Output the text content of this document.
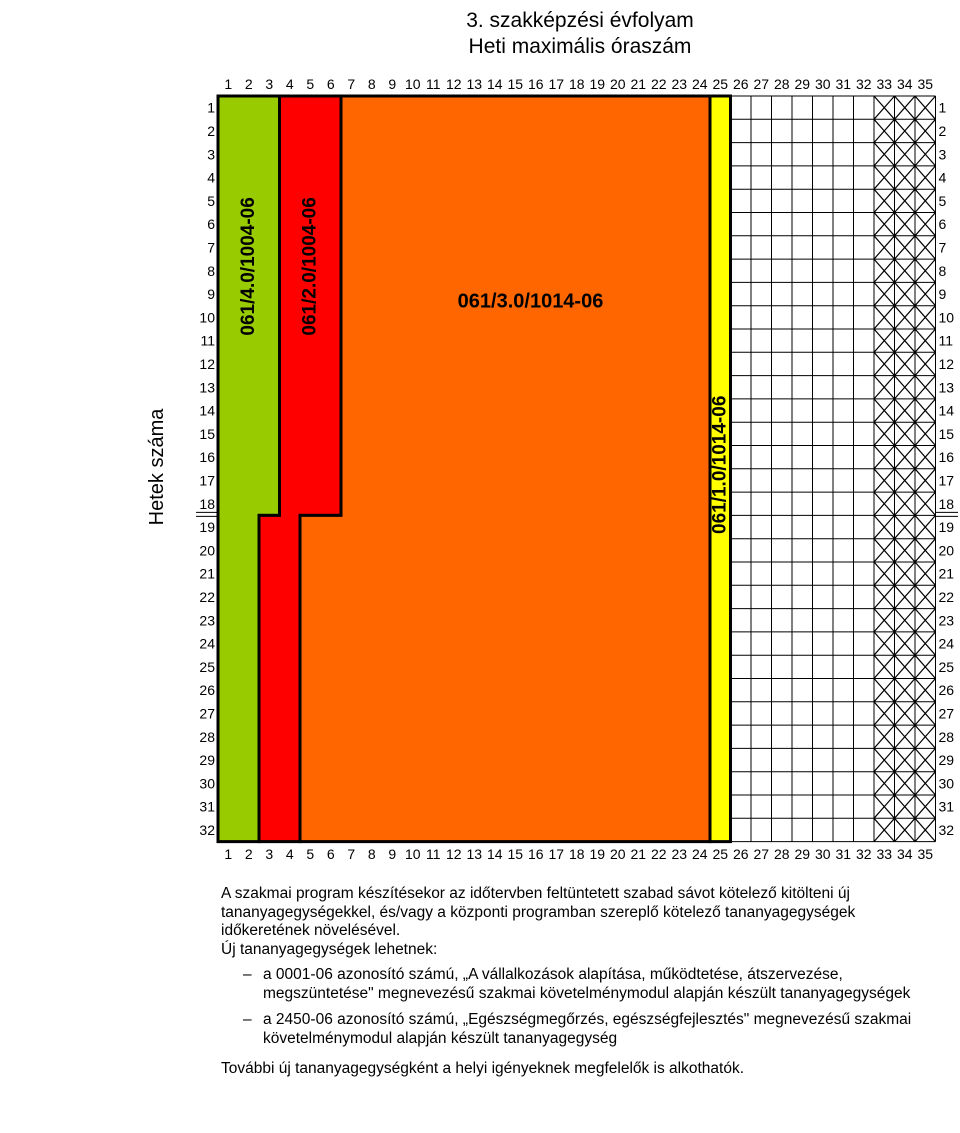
3. szakképzési évfolyam
Heti maximális óraszám
061/4.0/1004-06 061/2.0/1004-06	061/3.0/1014-06
061/1.0/1014-06
1
1
2
2
3
3
4
4
5
5
6
6
7
7
8
8
9
9
10
10
11
11
12
12
13
13
14
14
15
15
16
16
17
17
18
18
19
19
20
20
21
21
22
22
23
23
24
24
25
25
26
26
27
27
28
28
29
29
30
30
31
31
32
32
33
33
34
34
35
35
1	1
2	2
3	3
4	4
5	5
6	6
7	7
8	8
9	9
10	10
11	11
12	12
13	13
14	14
15	15
16	16
17	17
18	18
19	19
20	20
21	21
22	22
23	23
24	24
25	25
26	26
27	27
28	28
29	29
30	30
31	31
32	32
Hetek száma

A szakmai program készítésekor az időtervben feltüntetett szabad sávot kötelező kitölteni új tananyagegységekkel, és/vagy a központi programban szereplő kötelező tananyagegységek időkeretének növelésével.

Új tananyagegységek lehetnek:

– a 0001-06 azonosító számú, „A vállalkozások alapítása, működtetése, átszervezése, megszüntetése" megnevezésű szakmai követelménymodul alapján készült tananyagegységek
– a 2450-06 azonosító számú, „Egészségmegőrzés, egészségfejlesztés" megnevezésű szakmai követelménymodul alapján készült tananyagegység

További új tananyagegységként a helyi igényeknek megfelelők is alkothatók.
